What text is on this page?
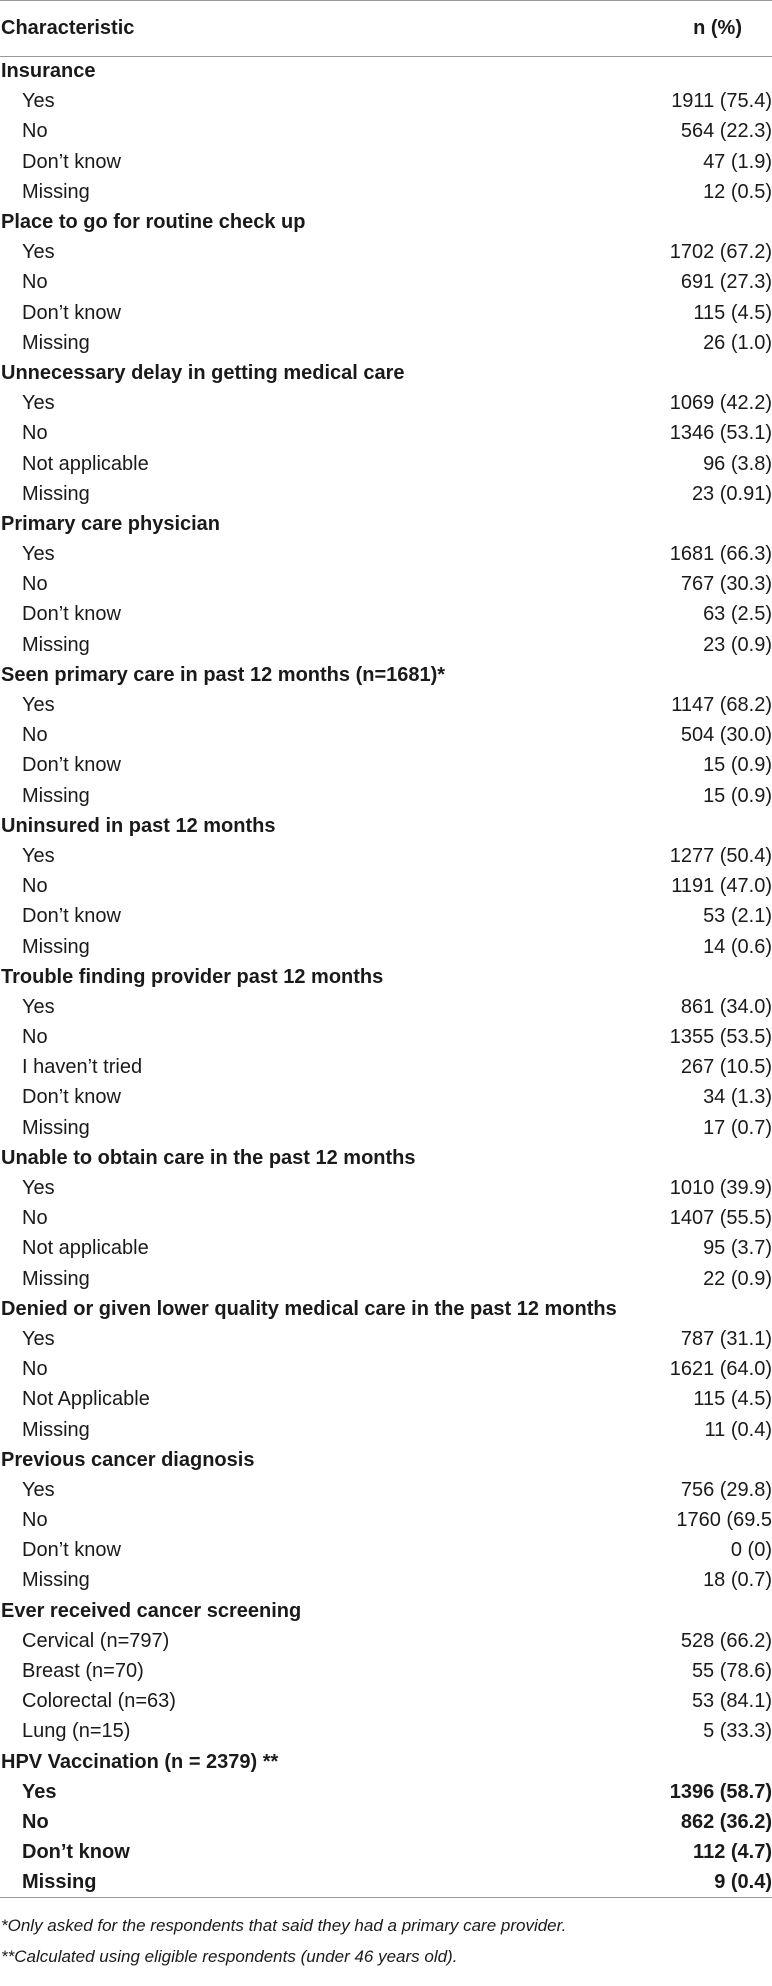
Characteristic	n (%)
Insurance	
Yes	1911 (75.4)
No	564 (22.3)
Don’t know	47 (1.9)
Missing	12 (0.5)
Place to go for routine check up	
Yes	1702 (67.2)
No	691 (27.3)
Don’t know	115 (4.5)
Missing	26 (1.0)
Unnecessary delay in getting medical care	
Yes	1069 (42.2)
No	1346 (53.1)
Not applicable	96 (3.8)
Missing	23 (0.91)
Primary care physician	
Yes	1681 (66.3)
No	767 (30.3)
Don’t know	63 (2.5)
Missing	23 (0.9)
Seen primary care in past 12 months (n=1681)*	
Yes	1147 (68.2)
No	504 (30.0)
Don’t know	15 (0.9)
Missing	15 (0.9)
Uninsured in past 12 months	
Yes	1277 (50.4)
No	1191 (47.0)
Don’t know	53 (2.1)
Missing	14 (0.6)
Trouble finding provider past 12 months	
Yes	861 (34.0)
No	1355 (53.5)
I haven’t tried	267 (10.5)
Don’t know	34 (1.3)
Missing	17 (0.7)
Unable to obtain care in the past 12 months	
Yes	1010 (39.9)
No	1407 (55.5)
Not applicable	95 (3.7)
Missing	22 (0.9)
Denied or given lower quality medical care in the past 12 months	
Yes	787 (31.1)
No	1621 (64.0)
Not Applicable	115 (4.5)
Missing	11 (0.4)
Previous cancer diagnosis	
Yes	756 (29.8)
No	1760 (69.5
Don’t know	0 (0)
Missing	18 (0.7)
Ever received cancer screening	
Cervical (n=797)	528 (66.2)
Breast (n=70)	55 (78.6)
Colorectal (n=63)	53 (84.1)
Lung (n=15)	5 (33.3)
HPV Vaccination (n = 2379) **	
Yes	1396 (58.7)
No	862 (36.2)
Don’t know	112 (4.7)
Missing	9 (0.4)
*Only asked for the respondents that said they had a primary care provider.
**Calculated using eligible respondents (under 46 years old).
